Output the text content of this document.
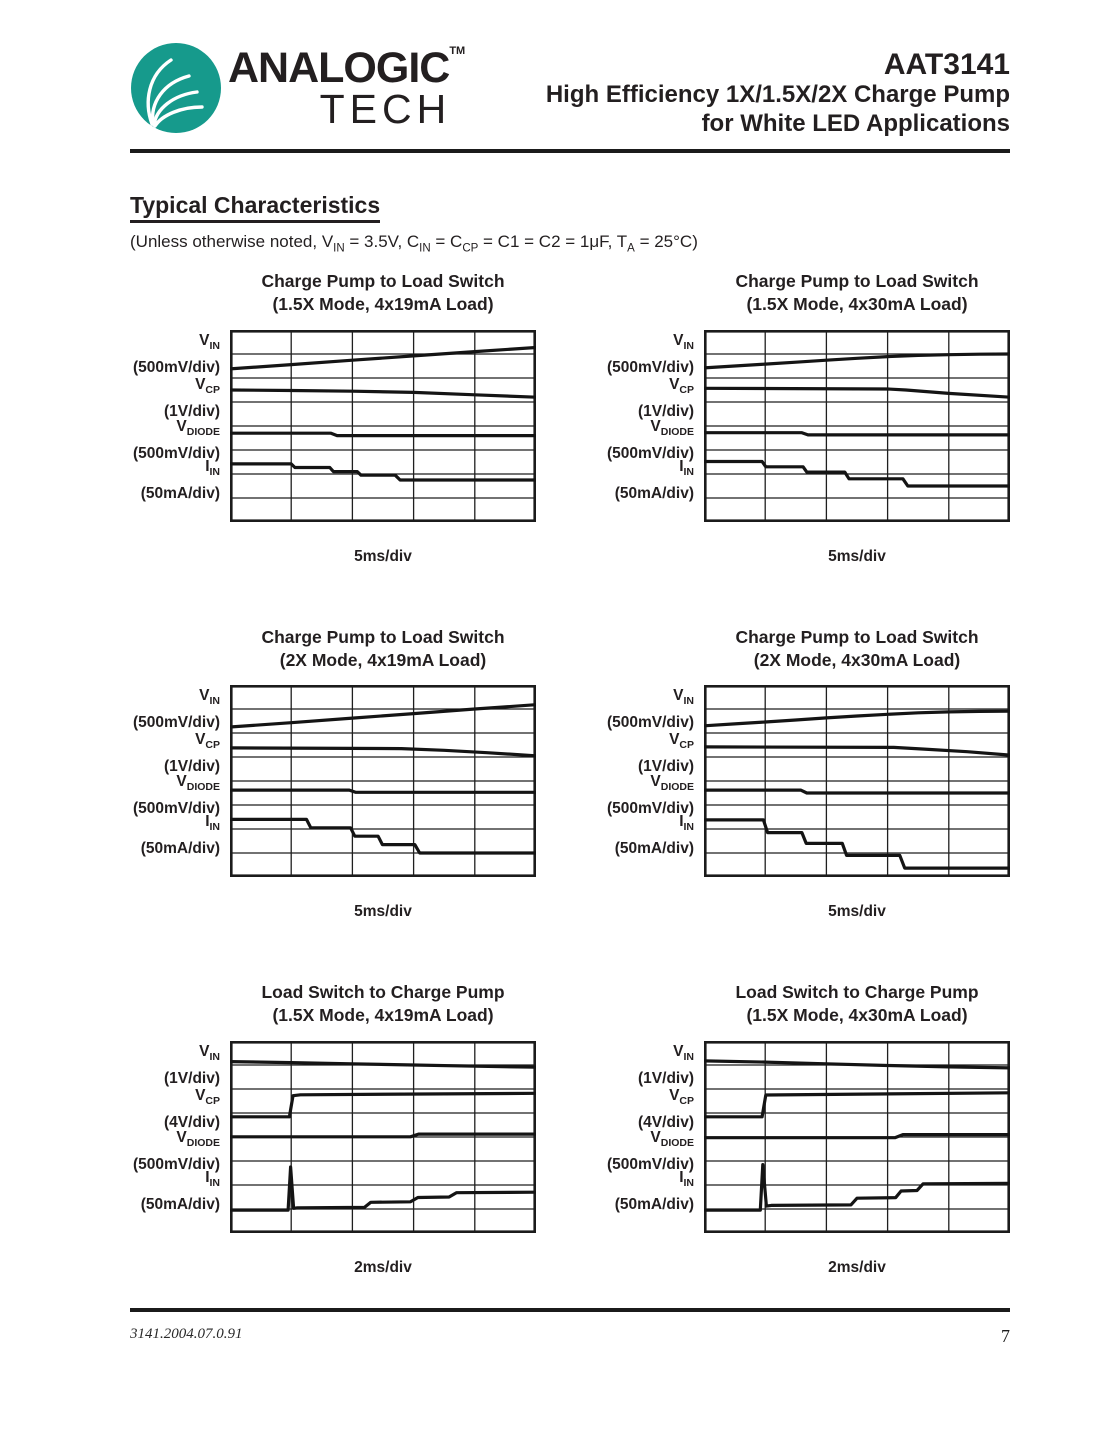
ANALOGIC™
TECH
AAT3141
High Efficiency 1X/1.5X/2X Charge Pump
for White LED Applications
Typical Characteristics
(Unless otherwise noted, $V_{IN} = 3.5V$, $C_{IN} = C_{CP} = C1 = C2 = 1\mu F$, $T_A = 25^\circ C$)
Charge Pump to Load Switch
(1.5X Mode, 4x19mA Load)
$V_{IN}$
(500mV/div)
$V_{CP}$
(1V/div)
$V_{DIODE}$
(500mV/div)
$I_{IN}$
(50mA/div)
5ms/div
Charge Pump to Load Switch
(1.5X Mode, 4x30mA Load)
$V_{IN}$
(500mV/div)
$V_{CP}$
(1V/div)
$V_{DIODE}$
(500mV/div)
$I_{IN}$
(50mA/div)
5ms/div
Charge Pump to Load Switch
(2X Mode, 4x19mA Load)
$V_{IN}$
(500mV/div)
$V_{CP}$
(1V/div)
$V_{DIODE}$
(500mV/div)
$I_{IN}$
(50mA/div)
5ms/div
Charge Pump to Load Switch
(2X Mode, 4x30mA Load)
$V_{IN}$
(500mV/div)
$V_{CP}$
(1V/div)
$V_{DIODE}$
(500mV/div)
$I_{IN}$
(50mA/div)
5ms/div
Load Switch to Charge Pump
(1.5X Mode, 4x19mA Load)
$V_{IN}$
(1V/div)
$V_{CP}$
(4V/div)
$V_{DIODE}$
(500mV/div)
$I_{IN}$
(50mA/div)
2ms/div
Load Switch to Charge Pump
(1.5X Mode, 4x30mA Load)
$V_{IN}$
(1V/div)
$V_{CP}$
(4V/div)
$V_{DIODE}$
(500mV/div)
$I_{IN}$
(50mA/div)
2ms/div
3141.2004.07.0.91	7
